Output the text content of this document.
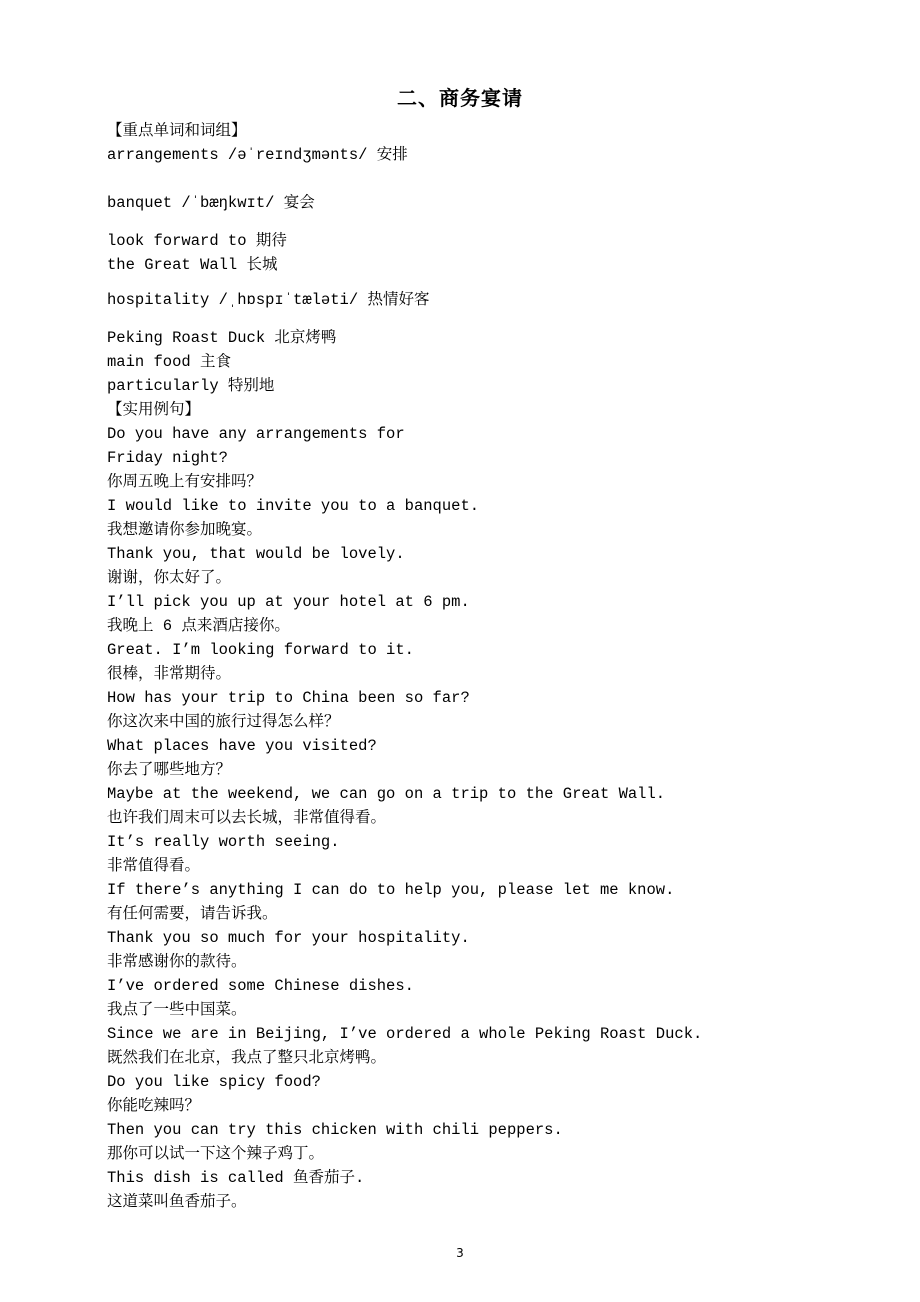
二、商务宴请
【重点单词和词组】
arrangements /əˈreɪndʒmənts/ 安排
banquet /ˈbæŋkwɪt/ 宴会
look forward to 期待
the Great Wall 长城
hospitality /ˌhɒspɪˈtæləti/ 热情好客
Peking Roast Duck 北京烤鸭
main food 主食
particularly 特别地
【实用例句】
Do you have any arrangements for
Friday night?
你周五晚上有安排吗？
I would like to invite you to a banquet.
我想邀请你参加晚宴。
Thank you, that would be lovely.
谢谢，你太好了。
I’ll pick you up at your hotel at 6 pm.
我晚上 6 点来酒店接你。
Great. I’m looking forward to it.
很棒，非常期待。
How has your trip to China been so far?
你这次来中国的旅行过得怎么样？
What places have you visited?
你去了哪些地方？
Maybe at the weekend, we can go on a trip to the Great Wall.
也许我们周末可以去长城，非常值得看。
It’s really worth seeing.
非常值得看。
If there’s anything I can do to help you, please let me know.
有任何需要，请告诉我。
Thank you so much for your hospitality.
非常感谢你的款待。
I’ve ordered some Chinese dishes.
我点了一些中国菜。
Since we are in Beijing, I’ve ordered a whole Peking Roast Duck.
既然我们在北京，我点了整只北京烤鸭。
Do you like spicy food?
你能吃辣吗？
Then you can try this chicken with chili peppers.
那你可以试一下这个辣子鸡丁。
This dish is called 鱼香茄子.
这道菜叫鱼香茄子。
3
